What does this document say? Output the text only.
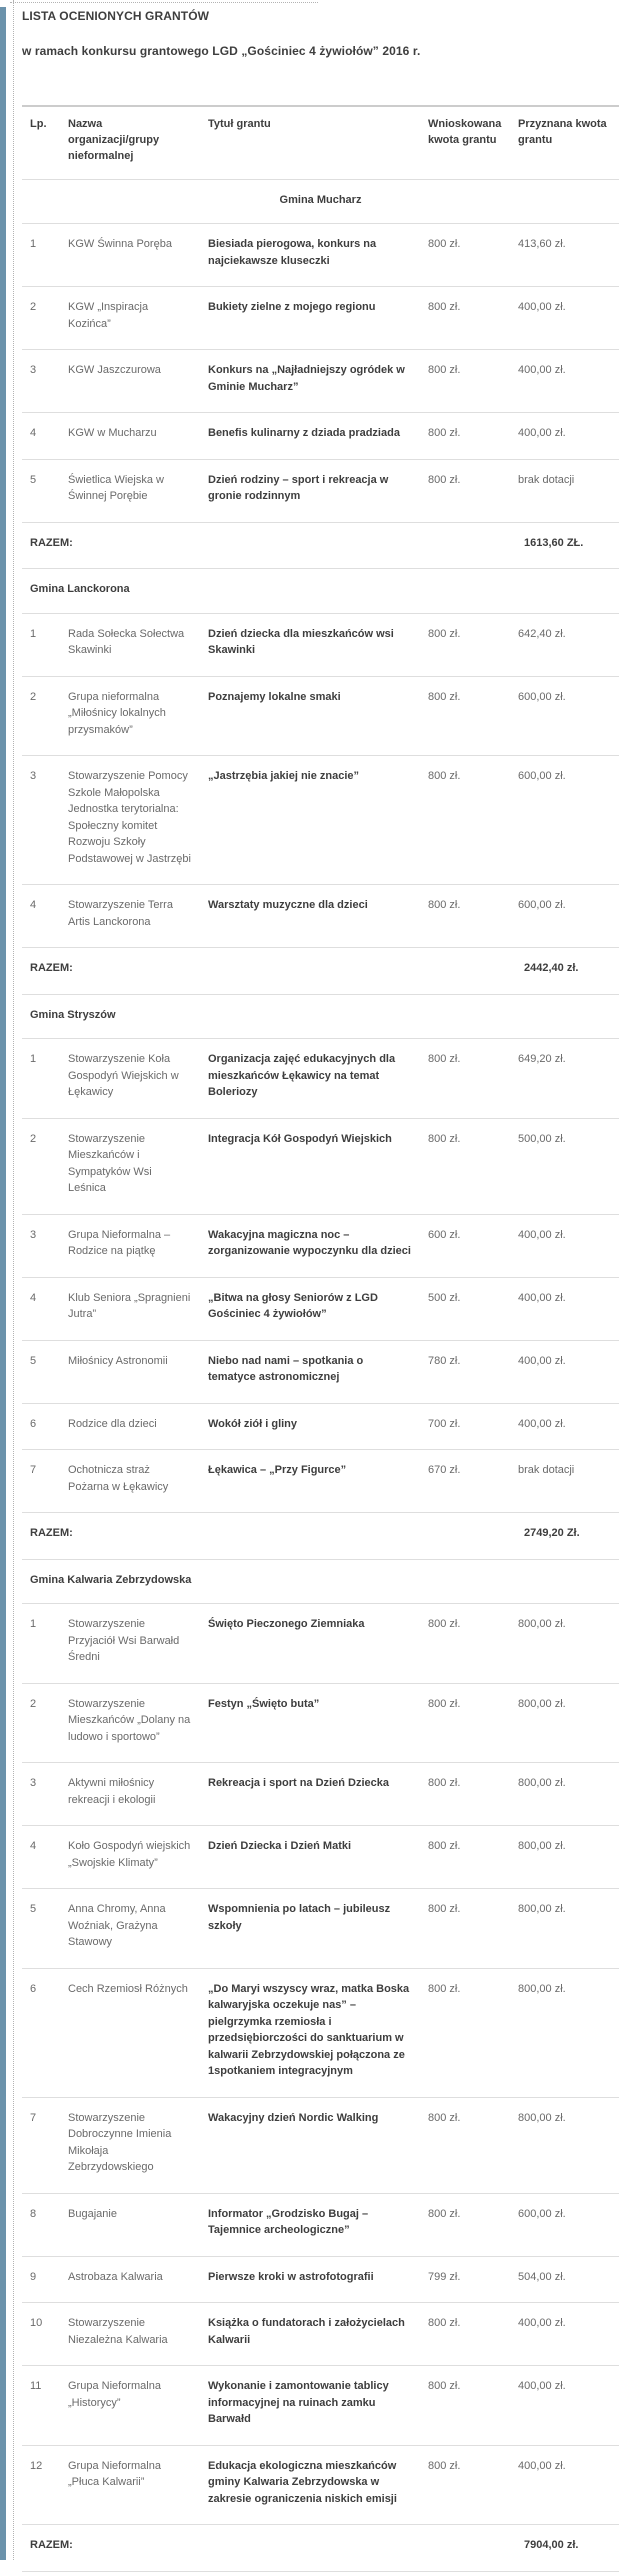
LISTA OCENIONYCH GRANTÓW

w ramach konkursu grantowego LGD „Gościniec 4 żywiołów” 2016 r.

Lp.	Nazwa organizacji/grupy nieformalnej	Tytuł grantu	Wnioskowana kwota grantu	Przyznana kwota grantu
Gmina Mucharz				
1	KGW Świnna Poręba	Biesiada pierogowa, konkurs na najciekawsze kluseczki	800 zł.	413,60 zł.
2	KGW „Inspiracja Kozińca”	Bukiety zielne z mojego regionu	800 zł.	400,00 zł.
3	KGW Jaszczurowa	Konkurs na „Najładniejszy ogródek w Gminie Mucharz”	800 zł.	400,00 zł.
4	KGW w Mucharzu	Benefis kulinarny z dziada pradziada	800 zł.	400,00 zł.
5	Świetlica Wiejska w Świnnej Porębie	Dzień rodziny – sport i rekreacja w gronie rodzinnym	800 zł.	brak dotacji
RAZEM:				1613,60 ZŁ.
Gmina Lanckorona				
1	Rada Sołecka Sołectwa Skawinki	Dzień dziecka dla mieszkańców wsi Skawinki	800 zł.	642,40 zł.
2	Grupa nieformalna „Miłośnicy lokalnych przysmaków”	Poznajemy lokalne smaki	800 zł.	600,00 zł.
3	Stowarzyszenie Pomocy Szkole Małopolska Jednostka terytorialna: Społeczny komitet Rozwoju Szkoły Podstawowej w Jastrzębi	„Jastrzębia jakiej nie znacie”	800 zł.	600,00 zł.
4	Stowarzyszenie Terra Artis Lanckorona	Warsztaty muzyczne dla dzieci	800 zł.	600,00 zł.
RAZEM:				2442,40 zł.
Gmina Stryszów				
1	Stowarzyszenie Koła Gospodyń Wiejskich w Łękawicy	Organizacja zajęć edukacyjnych dla mieszkańców Łękawicy na temat Boleriozy	800 zł.	649,20 zł.
2	Stowarzyszenie Mieszkańców i Sympatyków Wsi Leśnica	Integracja Kół Gospodyń Wiejskich	800 zł.	500,00 zł.
3	Grupa Nieformalna – Rodzice na piątkę	Wakacyjna magiczna noc – zorganizowanie wypoczynku dla dzieci	600 zł.	400,00 zł.
4	Klub Seniora „Spragnieni Jutra”	„Bitwa na głosy Seniorów z LGD Gościniec 4 żywiołów”	500 zł.	400,00 zł.
5	Miłośnicy Astronomii	Niebo nad nami – spotkania o tematyce astronomicznej	780 zł.	400,00 zł.
6	Rodzice dla dzieci	Wokół ziół i gliny	700 zł.	400,00 zł.
7	Ochotnicza straż Pożarna w Łękawicy	Łękawica – „Przy Figurce”	670 zł.	brak dotacji
RAZEM:				2749,20 Zł.
Gmina Kalwaria Zebrzydowska				
1	Stowarzyszenie Przyjaciół Wsi Barwałd Średni	Święto Pieczonego Ziemniaka	800 zł.	800,00 zł.
2	Stowarzyszenie Mieszkańców „Dolany na ludowo i sportowo”	Festyn „Święto buta”	800 zł.	800,00 zł.
3	Aktywni miłośnicy rekreacji i ekologii	Rekreacja i sport na Dzień Dziecka	800 zł.	800,00 zł.
4	Koło Gospodyń wiejskich „Swojskie Klimaty”	Dzień Dziecka i Dzień Matki	800 zł.	800,00 zł.
5	Anna Chromy, Anna Woźniak, Grażyna Stawowy	Wspomnienia po latach – jubileusz szkoły	800 zł.	800,00 zł.
6	Cech Rzemiosł Różnych	„Do Maryi wszyscy wraz, matka Boska kalwaryjska oczekuje nas” – pielgrzymka rzemiosła i przedsiębiorczości do sanktuarium w kalwarii Zebrzydowskiej połączona ze 1spotkaniem integracyjnym	800 zł.	800,00 zł.
7	Stowarzyszenie Dobroczynne Imienia Mikołaja Zebrzydowskiego	Wakacyjny dzień Nordic Walking	800 zł.	800,00 zł.
8	Bugajanie	Informator „Grodzisko Bugaj – Tajemnice archeologiczne”	800 zł.	600,00 zł.
9	Astrobaza Kalwaria	Pierwsze kroki w astrofotografii	799 zł.	504,00 zł.
10	Stowarzyszenie Niezależna Kalwaria	Książka o fundatorach i założycielach Kalwarii	800 zł.	400,00 zł.
11	Grupa Nieformalna „Historycy”	Wykonanie i zamontowanie tablicy informacyjnej na ruinach zamku Barwałd	800 zł.	400,00 zł.
12	Grupa Nieformalna „Płuca Kalwarii”	Edukacja ekologiczna mieszkańców gminy Kalwaria Zebrzydowska w zakresie ograniczenia niskich emisji	800 zł.	400,00 zł.
RAZEM:				7904,00 zł.
